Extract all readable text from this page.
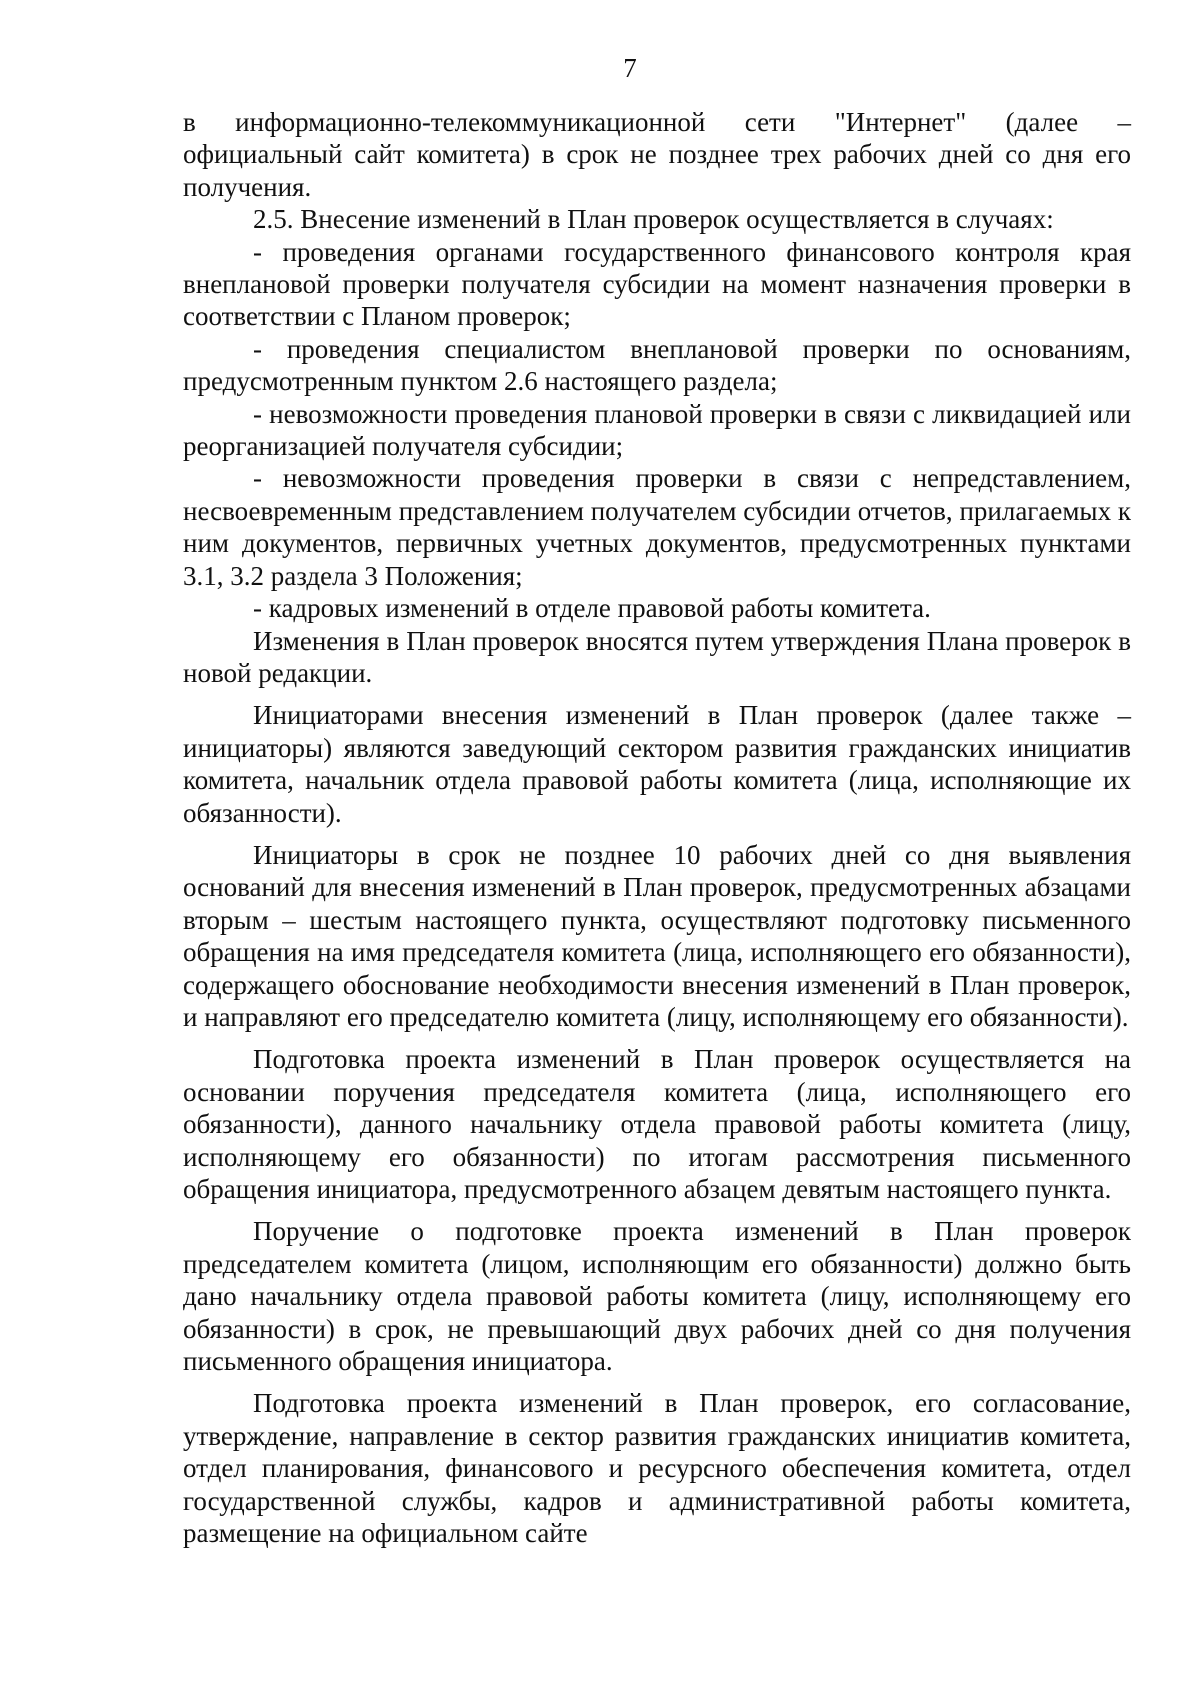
7

в информационно-телекоммуникационной сети "Интернет" (далее – официальный сайт комитета) в срок не позднее трех рабочих дней со дня его получения.

2.5. Внесение изменений в План проверок осуществляется в случаях:

- проведения органами государственного финансового контроля края внеплановой проверки получателя субсидии на момент назначения проверки в соответствии с Планом проверок;

- проведения специалистом внеплановой проверки по основаниям, предусмотренным пунктом 2.6 настоящего раздела;

- невозможности проведения плановой проверки в связи с ликвидацией или реорганизацией получателя субсидии;

- невозможности проведения проверки в связи с непредставлением, несвоевременным представлением получателем субсидии отчетов, прилагаемых к ним документов, первичных учетных документов, предусмотренных пунктами 3.1, 3.2 раздела 3 Положения;

- кадровых изменений в отделе правовой работы комитета.

Изменения в План проверок вносятся путем утверждения Плана проверок в новой редакции.

Инициаторами внесения изменений в План проверок (далее также – инициаторы) являются заведующий сектором развития гражданских инициатив комитета, начальник отдела правовой работы комитета (лица, исполняющие их обязанности).

Инициаторы в срок не позднее 10 рабочих дней со дня выявления оснований для внесения изменений в План проверок, предусмотренных абзацами вторым – шестым настоящего пункта, осуществляют подготовку письменного обращения на имя председателя комитета (лица, исполняющего его обязанности), содержащего обоснование необходимости внесения изменений в План проверок, и направляют его председателю комитета (лицу, исполняющему его обязанности).

Подготовка проекта изменений в План проверок осуществляется на основании поручения председателя комитета (лица, исполняющего его обязанности), данного начальнику отдела правовой работы комитета (лицу, исполняющему его обязанности) по итогам рассмотрения письменного обращения инициатора, предусмотренного абзацем девятым настоящего пункта.

Поручение о подготовке проекта изменений в План проверок председателем комитета (лицом, исполняющим его обязанности) должно быть дано начальнику отдела правовой работы комитета (лицу, исполняющему его обязанности) в срок, не превышающий двух рабочих дней со дня получения письменного обращения инициатора.

Подготовка проекта изменений в План проверок, его согласование, утверждение, направление в сектор развития гражданских инициатив комитета, отдел планирования, финансового и ресурсного обеспечения комитета, отдел государственной службы, кадров и административной работы комитета, размещение на официальном сайте
